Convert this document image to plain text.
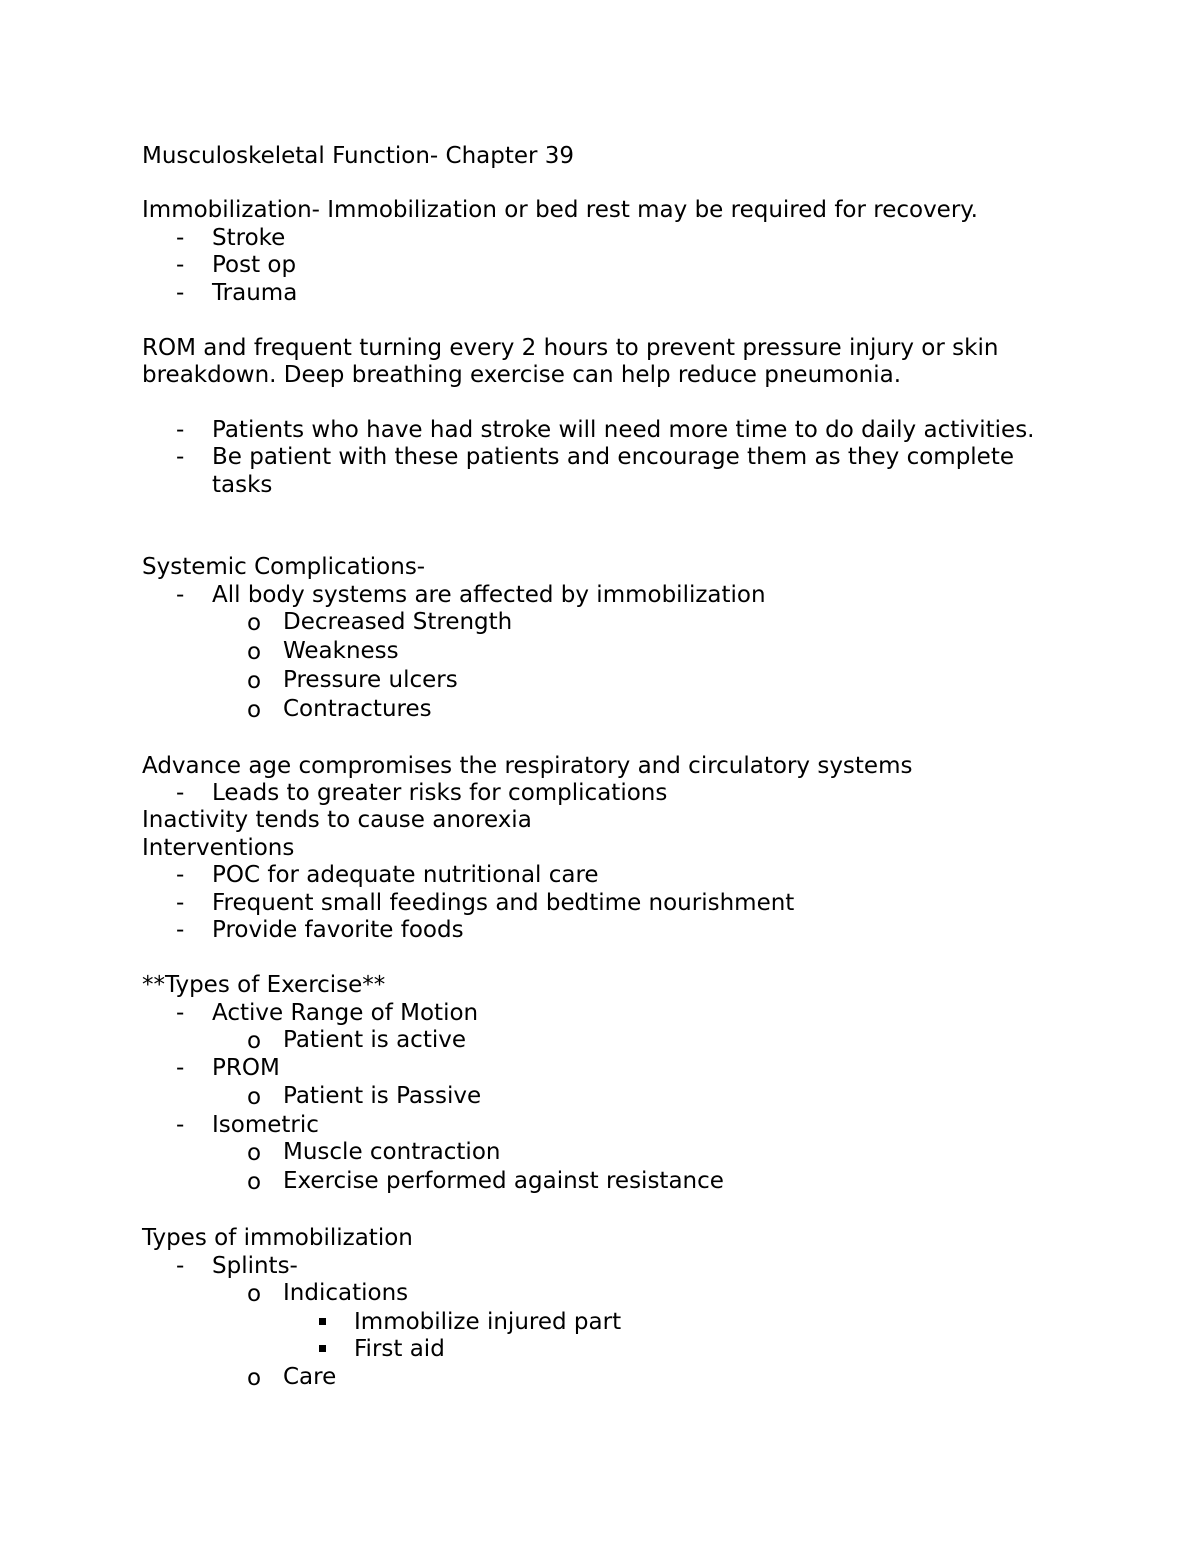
Musculoskeletal Function- Chapter 39
Immobilization- Immobilization or bed rest may be required for recovery.
- Stroke
- Post op
- Trauma
ROM and frequent turning every 2 hours to prevent pressure injury or skin
breakdown. Deep breathing exercise can help reduce pneumonia.
- Patients who have had stroke will need more time to do daily activities.
- Be patient with these patients and encourage them as they complete
tasks
Systemic Complications-
- All body systems are affected by immobilization
o Decreased Strength
o Weakness
o Pressure ulcers
o Contractures
Advance age compromises the respiratory and circulatory systems
- Leads to greater risks for complications
Inactivity tends to cause anorexia
Interventions
- POC for adequate nutritional care
- Frequent small feedings and bedtime nourishment
- Provide favorite foods
**Types of Exercise**
- Active Range of Motion
o Patient is active
- PROM
o Patient is Passive
- Isometric
o Muscle contraction
o Exercise performed against resistance
Types of immobilization
- Splints-
o Indications
Immobilize injured part
First aid
o Care
